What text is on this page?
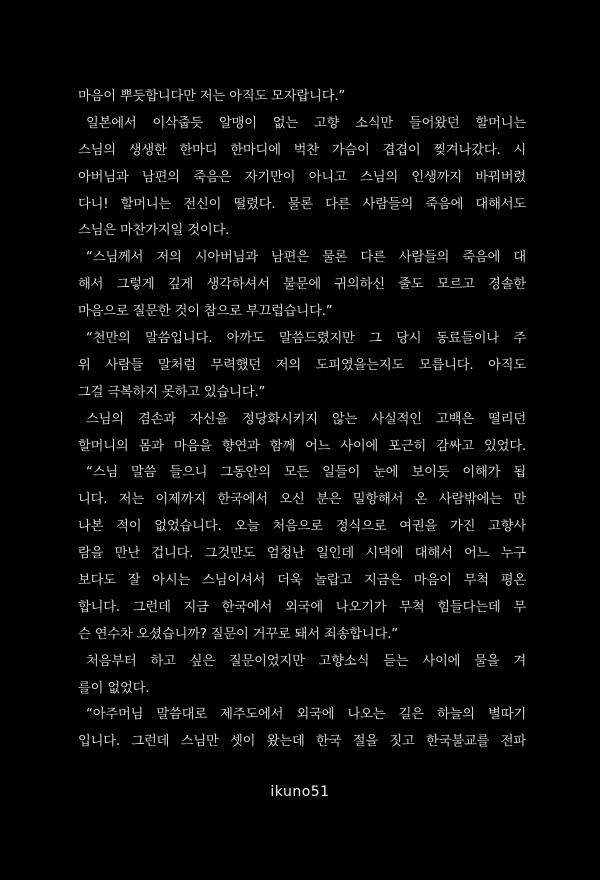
마음이 뿌듯합니다만 저는 아직도 모자랍니다.”
일본에서 이삭줍듯 알맹이 없는 고향 소식만 들어왔던 할머니는
스님의 생생한 한마디 한마디에 벅찬 가슴이 겹겹이 찢겨나갔다. 시
아버님과 남편의 죽음은 자기만이 아니고 스님의 인생까지 바꿔버렸
다니! 할머니는 전신이 떨렸다. 물론 다른 사람들의 죽음에 대해서도
스님은 마찬가지일 것이다.
“스님께서 저의 시아버님과 남편은 물론 다른 사람들의 죽음에 대
해서 그렇게 깊게 생각하셔서 불문에 귀의하신 줄도 모르고 경솔한
마음으로 질문한 것이 참으로 부끄럽습니다.”
“천만의 말씀입니다. 아까도 말씀드렸지만 그 당시 동료들이나 주
위 사람들 말처럼 무력했던 저의 도피였을는지도 모릅니다. 아직도
그걸 극복하지 못하고 있습니다.”
스님의 겸손과 자신을 정당화시키지 않는 사실적인 고백은 떨리던
할머니의 몸과 마음을 향연과 함께 어느 사이에 포근히 감싸고 있었다.
“스님 말씀 들으니 그동안의 모든 일들이 눈에 보이듯 이해가 됩
니다. 저는 이제까지 한국에서 오신 분은 밀항해서 온 사람밖에는 만
나본 적이 없었습니다. 오늘 처음으로 정식으로 여권을 가진 고향사
람을 만난 겁니다. 그것만도 엄청난 일인데 시댁에 대해서 어느 누구
보다도 잘 아시는 스님이셔서 더욱 놀랍고 지금은 마음이 무척 평온
합니다. 그런데 지금 한국에서 외국에 나오기가 무척 힘들다는데 무
슨 연수차 오셨습니까? 질문이 거꾸로 돼서 죄송합니다.”
처음부터 하고 싶은 질문이었지만 고향소식 듣는 사이에 물을 겨
를이 없었다.
“아주머님 말씀대로 제주도에서 외국에 나오는 길은 하늘의 별따기
입니다. 그런데 스님만 셋이 왔는데 한국 절을 짓고 한국불교를 전파
ikuno51
